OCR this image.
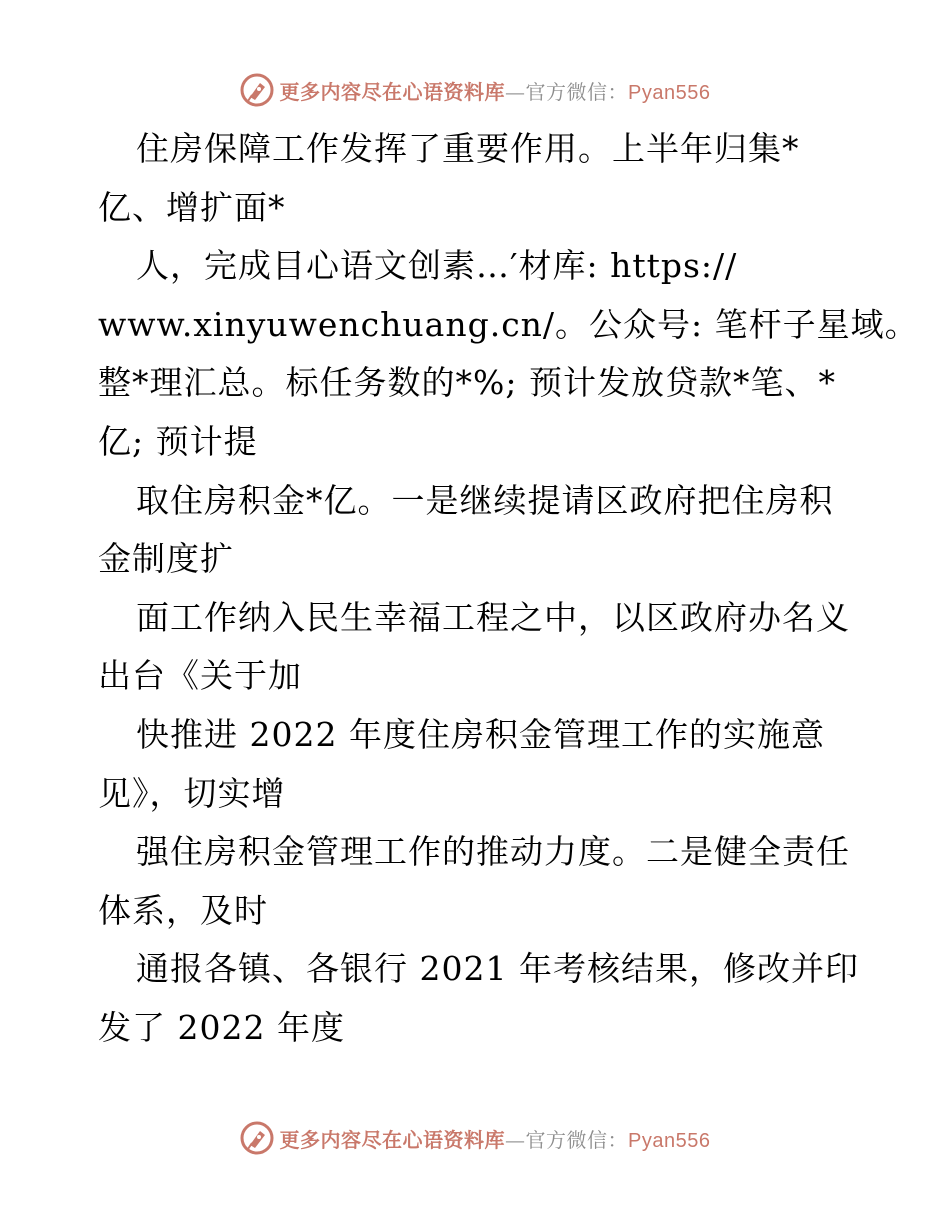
更多内容尽在心语资料库—官方微信：Pyan556
住房保障工作发挥了重要作用。上半年归集*
亿、增扩面*
人，完成目心语文创素…′材库: https://
www.xinyuwenchuang.cn/。公众号: 笔杆子星域。
整*理汇总。标任务数的*%; 预计发放贷款*笔、*
亿; 预计提
取住房积金*亿。一是继续提请区政府把住房积
金制度扩
面工作纳入民生幸福工程之中，以区政府办名义
出台《关于加
快推进 2022 年度住房积金管理工作的实施意
见》，切实增
强住房积金管理工作的推动力度。二是健全责任
体系，及时
通报各镇、各银行 2021 年考核结果，修改并印
发了 2022 年度
更多内容尽在心语资料库—官方微信：Pyan556
